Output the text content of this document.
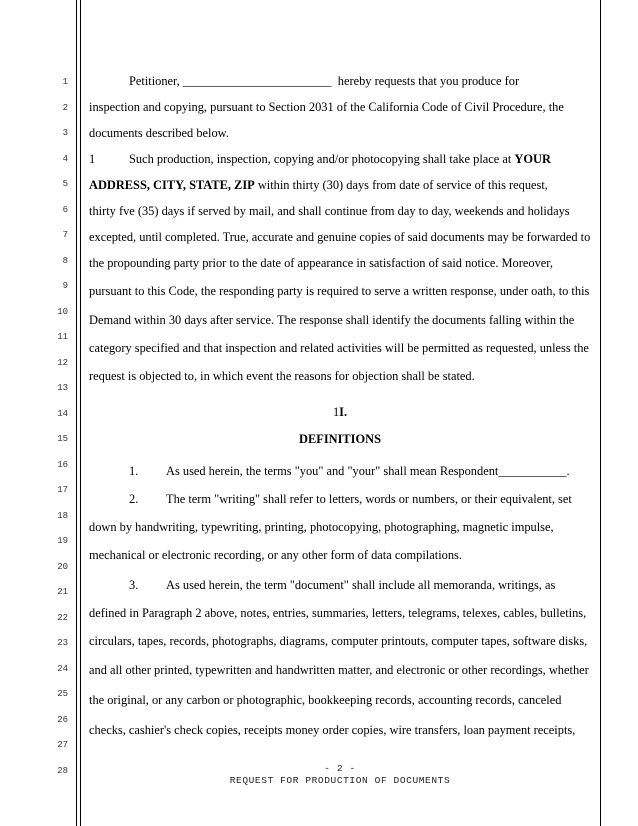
1
2
3
4
5
6
7
8
9
10
11
12
13
14
15
16
17
18
19
20
21
22
23
24
25
26
27
28
Petitioner, ________________________ hereby requests that you produce for
inspection and copying, pursuant to Section 2031 of the California Code of Civil Procedure, the
documents described below.
1	Such production, inspection, copying and/or photocopying shall take place at YOUR
ADDRESS, CITY, STATE, ZIP within thirty (30) days from date of service of this request,
thirty fve (35) days if served by mail, and shall continue from day to day, weekends and holidays
excepted, until completed. True, accurate and genuine copies of said documents may be forwarded to
the propounding party prior to the date of appearance in satisfaction of said notice. Moreover,
pursuant to this Code, the responding party is required to serve a written response, under oath, to this
Demand within 30 days after service. The response shall identify the documents falling within the
category specified and that inspection and related activities will be permitted as requested, unless the
request is objected to, in which event the reasons for objection shall be stated.
1I.
DEFINITIONS
1. As used herein, the terms "you" and "your" shall mean Respondent___________.
2. The term "writing" shall refer to letters, words or numbers, or their equivalent, set
down by handwriting, typewriting, printing, photocopying, photographing, magnetic impulse,
mechanical or electronic recording, or any other form of data compilations.
3. As used herein, the term "document" shall include all memoranda, writings, as
defined in Paragraph 2 above, notes, entries, summaries, letters, telegrams, telexes, cables, bulletins,
circulars, tapes, records, photographs, diagrams, computer printouts, computer tapes, software disks,
and all other printed, typewritten and handwritten matter, and electronic or other recordings, whether
the original, or any carbon or photographic, bookkeeping records, accounting records, canceled
checks, cashier's check copies, receipts money order copies, wire transfers, loan payment receipts,
- 2 -
REQUEST FOR PRODUCTION OF DOCUMENTS
